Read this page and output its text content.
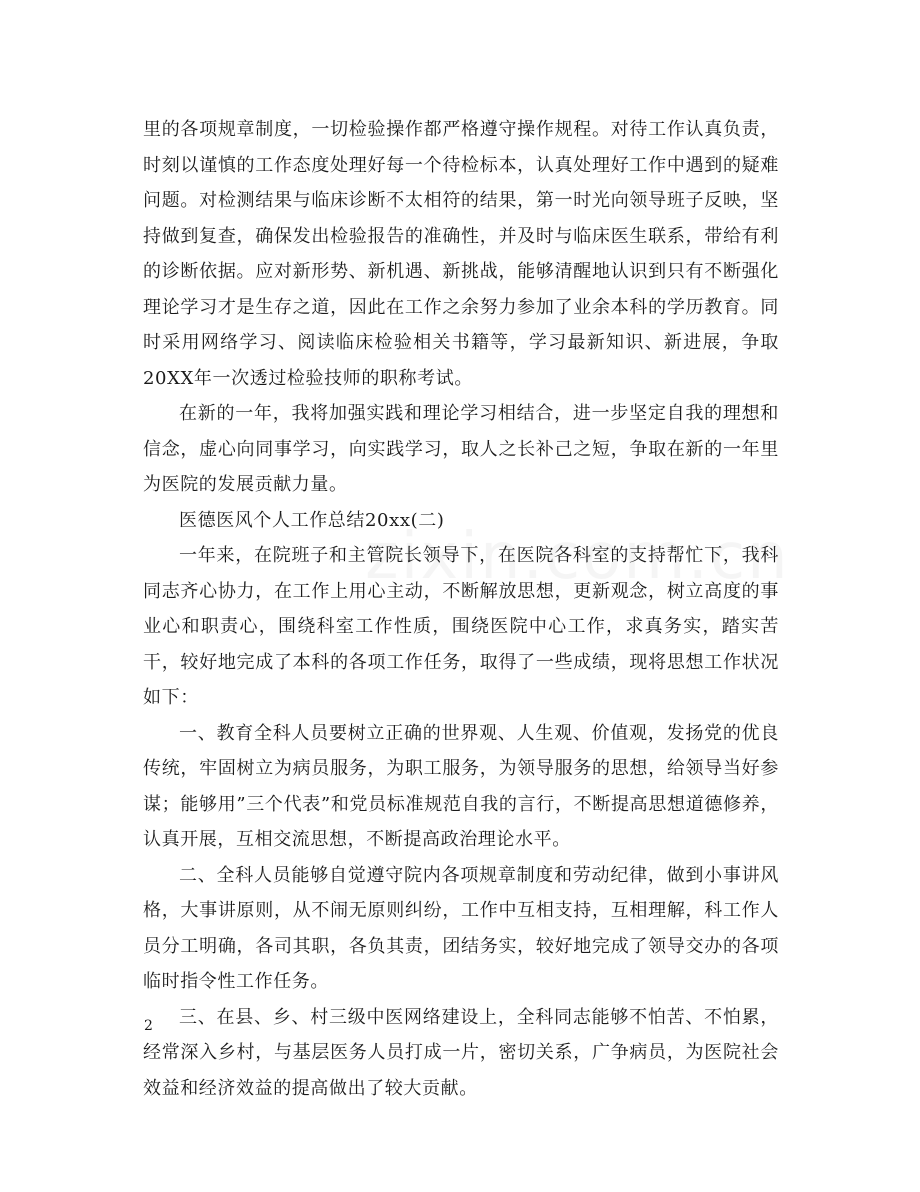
里的各项规章制度，一切检验操作都严格遵守操作规程。对待工作认真负责，时刻以谨慎的工作态度处理好每一个待检标本，认真处理好工作中遇到的疑难问题。对检测结果与临床诊断不太相符的结果，第一时光向领导班子反映，坚持做到复查，确保发出检验报告的准确性，并及时与临床医生联系，带给有利的诊断依据。应对新形势、新机遇、新挑战，能够清醒地认识到只有不断强化理论学习才是生存之道，因此在工作之余努力参加了业余本科的学历教育。同时采用网络学习、阅读临床检验相关书籍等，学习最新知识、新进展，争取20XX年一次透过检验技师的职称考试。

在新的一年，我将加强实践和理论学习相结合，进一步坚定自我的理想和信念，虚心向同事学习，向实践学习，取人之长补己之短，争取在新的一年里为医院的发展贡献力量。

医德医风个人工作总结20xx(二)

一年来，在院班子和主管院长领导下，在医院各科室的支持帮忙下，我科同志齐心协力，在工作上用心主动，不断解放思想，更新观念，树立高度的事业心和职责心，围绕科室工作性质，围绕医院中心工作，求真务实，踏实苦干，较好地完成了本科的各项工作任务，取得了一些成绩，现将思想工作状况如下：

一、教育全科人员要树立正确的世界观、人生观、价值观，发扬党的优良传统，牢固树立为病员服务，为职工服务，为领导服务的思想，给领导当好参谋；能够用”三个代表”和党员标准规范自我的言行，不断提高思想道德修养，认真开展，互相交流思想，不断提高政治理论水平。

二、全科人员能够自觉遵守院内各项规章制度和劳动纪律，做到小事讲风格，大事讲原则，从不闹无原则纠纷，工作中互相支持，互相理解，科工作人员分工明确，各司其职，各负其责，团结务实，较好地完成了领导交办的各项临时指令性工作任务。

三、在县、乡、村三级中医网络建设上，全科同志能够不怕苦、不怕累，经常深入乡村，与基层医务人员打成一片，密切关系，广争病员，为医院社会效益和经济效益的提高做出了较大贡献。

2
